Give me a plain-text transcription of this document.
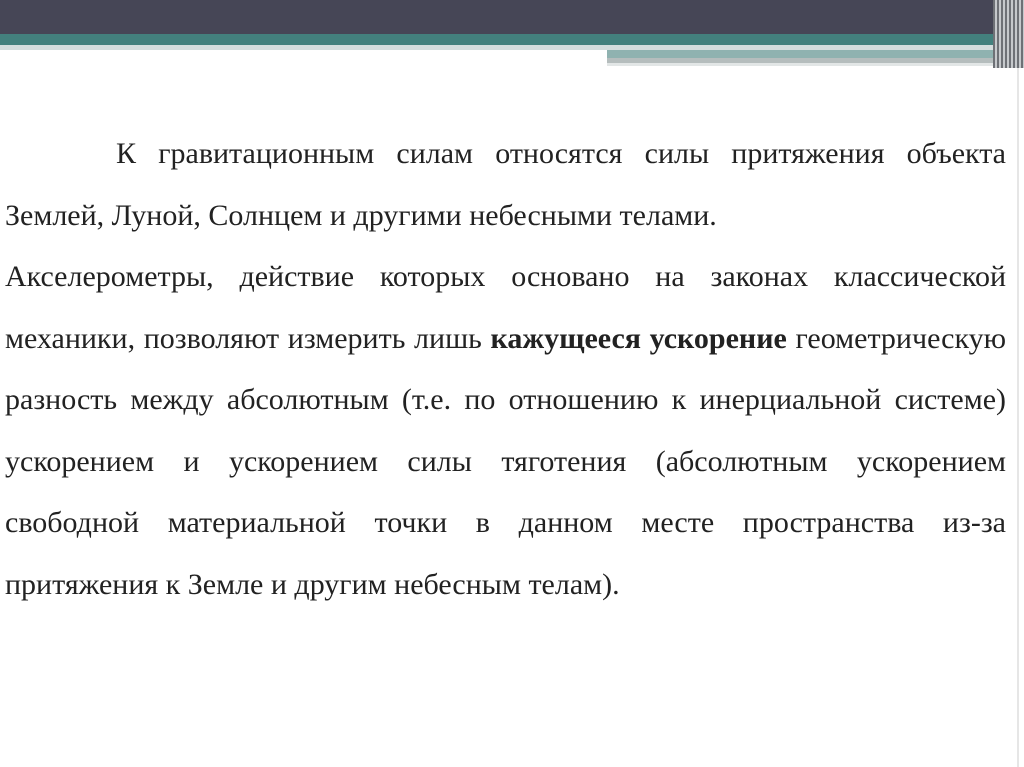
К гравитационным силам относятся силы притяжения объекта Землей, Луной, Солнцем и другими небесными телами.

Акселерометры, действие которых основано на законах классической механики, позволяют измерить лишь кажущееся ускорение геометрическую разность между абсолютным (т.е. по отношению к инерциальной системе) ускорением и ускорением силы тяготения (абсолютным ускорением свободной материальной точки в данном месте пространства из-за притяжения к Земле и другим небесным телам).
